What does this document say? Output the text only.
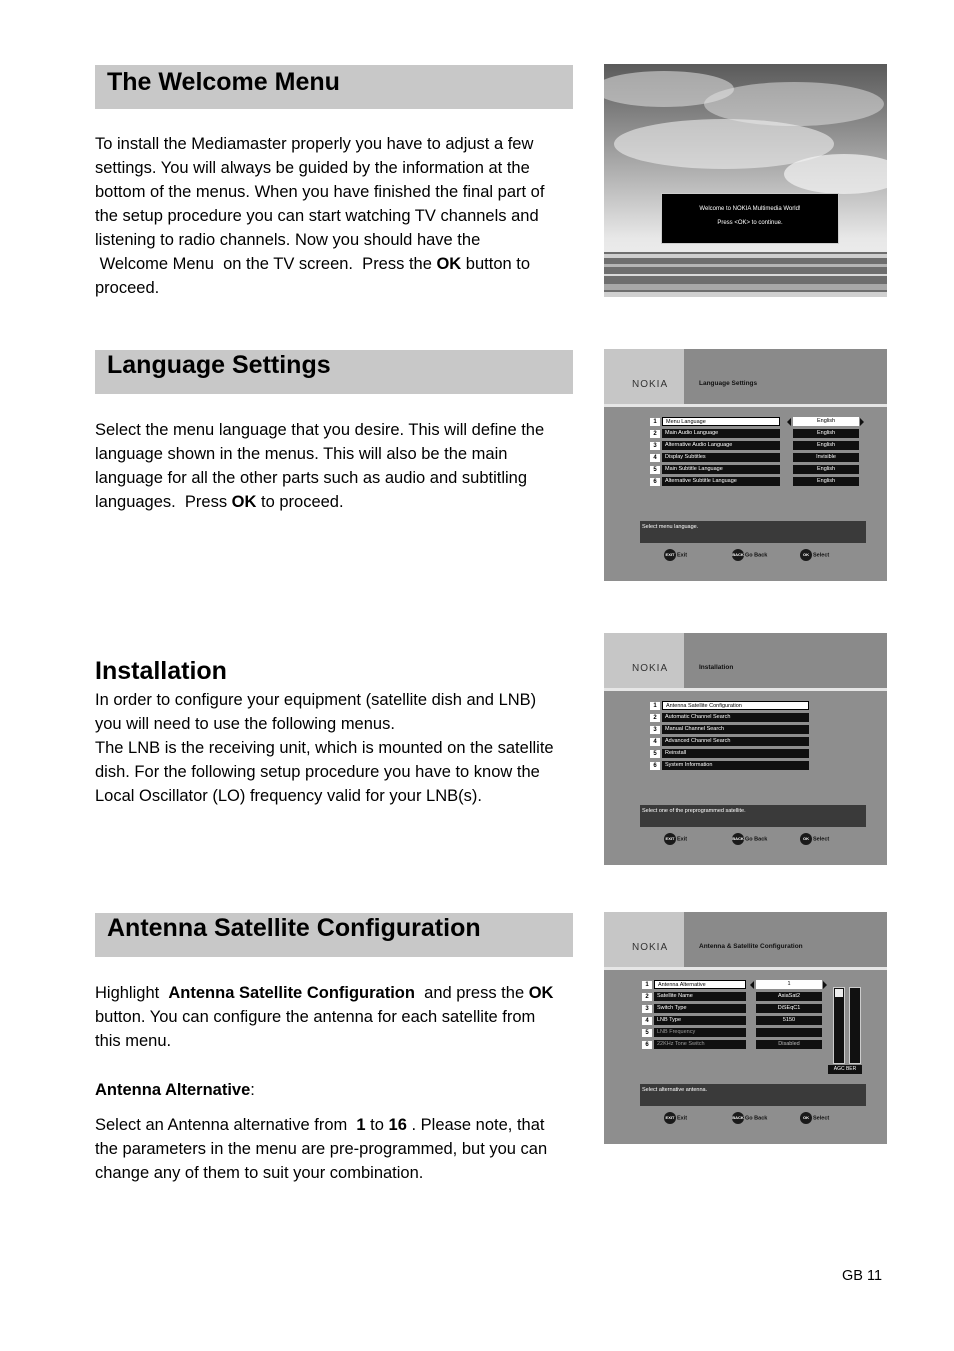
The Welcome Menu

To install the Mediamaster properly you have to adjust a few
settings. You will always be guided by the information at the
bottom of the menus. When you have finished the final part of
the setup procedure you can start watching TV channels and
listening to radio channels. Now you should have the
Welcome Menu  on the TV screen.  Press the OK button to
proceed.

Welcome to NOKIA Multimedia World!
Press <OK> to continue.
Language Settings

Select the menu language that you desire. This will define the
language shown in the menus. This will also be the main
language for all the other parts such as audio and subtitling
languages.  Press OK to proceed.

NOKIA	Language Settings
1	Menu Language	English
2	Main Audio Language	English
3	Alternative Audio Language	English
4	Display Subtitles	Invisible
5	Main Subtitle Language	English
6	Alternative Subtitle Language	English
Select menu language.
EXIT Exit	BACKGo Back	OK Select
Installation

In order to configure your equipment (satellite dish and LNB)
you will need to use the following menus.
The LNB is the receiving unit, which is mounted on the satellite
dish. For the following setup procedure you have to know the
Local Oscillator (LO) frequency valid for your LNB(s).

NOKIA	Installation
1	Antenna Satellite Configuration
2	Automatic Channel Search
3	Manual Channel Search
4	Advanced Channel Search
5	Reinstall
6	System Information
Select one of the preprogrammed satellite.
EXIT Exit	BACKGo Back	OK Select
Antenna Satellite Configuration

Highlight  Antenna Satellite Configuration  and press the OK
button. You can configure the antenna for each satellite from
this menu.

Antenna Alternative:

Select an Antenna alternative from  1 to 16 . Please note, that
the parameters in the menu are pre-programmed, but you can
change any of them to suit your combination.

NOKIA	Antenna & Satellite Configuration
1	Antenna Alternative	1
2	Satellite Name	AsiaSat2
3	Switch Type	DiSEqC1
4	LNB Type	5150
5	LNB Frequency
6	22KHz Tone Switch	Disabled
AGC BER
Select alternative antenna.
EXIT Exit	BACKGo Back	OK Select
GB 11
